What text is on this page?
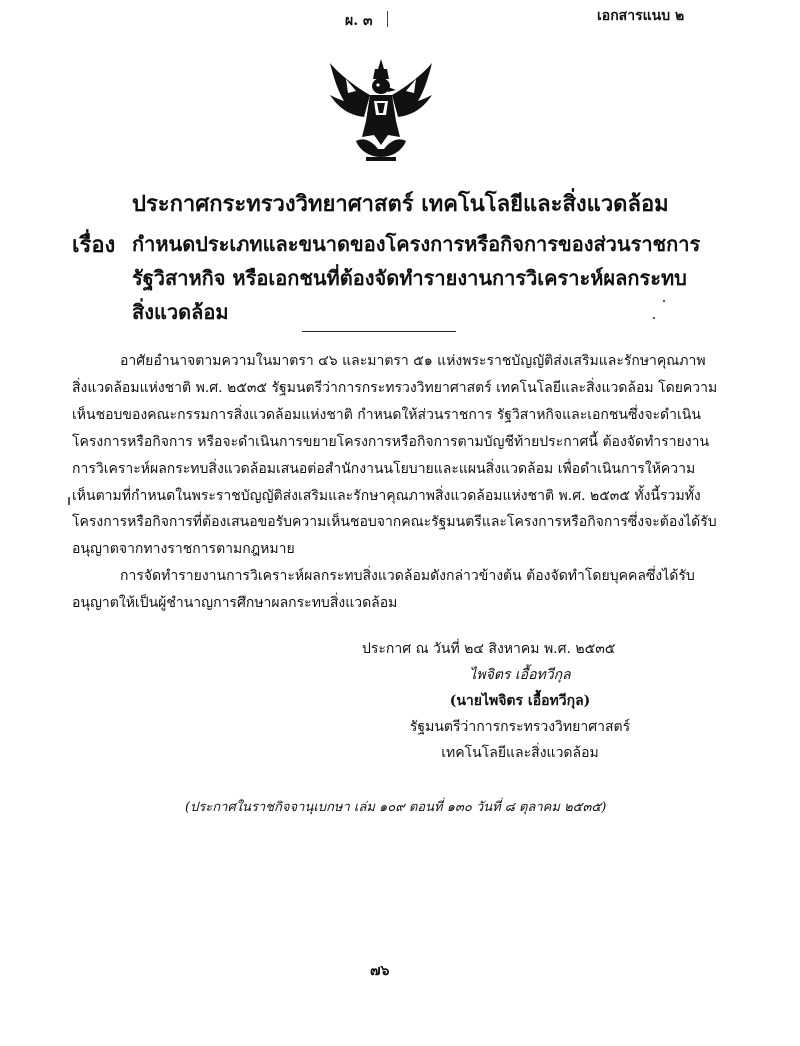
ผ. ๓	เอกสารแนบ ๒
ประกาศกระทรวงวิทยาศาสตร์ เทคโนโลยีและสิ่งแวดล้อม
เรื่อง กำหนดประเภทและขนาดของโครงการหรือกิจการของส่วนราชการ
รัฐวิสาหกิจ หรือเอกชนที่ต้องจัดทำรายงานการวิเคราะห์ผลกระทบ
สิ่งแวดล้อม
อาศัยอำนาจตามความในมาตรา ๔๖ และมาตรา ๕๑ แห่งพระราชบัญญัติส่งเสริมและรักษาคุณภาพ
สิ่งแวดล้อมแห่งชาติ พ.ศ. ๒๕๓๕ รัฐมนตรีว่าการกระทรวงวิทยาศาสตร์ เทคโนโลยีและสิ่งแวดล้อม โดยความ
เห็นชอบของคณะกรรมการสิ่งแวดล้อมแห่งชาติ กำหนดให้ส่วนราชการ รัฐวิสาหกิจและเอกชนซึ่งจะดำเนิน
โครงการหรือกิจการ หรือจะดำเนินการขยายโครงการหรือกิจการตามบัญชีท้ายประกาศนี้ ต้องจัดทำรายงาน
การวิเคราะห์ผลกระทบสิ่งแวดล้อมเสนอต่อสำนักงานนโยบายและแผนสิ่งแวดล้อม เพื่อดำเนินการให้ความ
เห็นตามที่กำหนดในพระราชบัญญัติส่งเสริมและรักษาคุณภาพสิ่งแวดล้อมแห่งชาติ พ.ศ. ๒๕๓๕ ทั้งนี้รวมทั้ง
โครงการหรือกิจการที่ต้องเสนอขอรับความเห็นชอบจากคณะรัฐมนตรีและโครงการหรือกิจการซึ่งจะต้องได้รับ
อนุญาตจากทางราชการตามกฎหมาย
การจัดทำรายงานการวิเคราะห์ผลกระทบสิ่งแวดล้อมดังกล่าวข้างต้น ต้องจัดทำโดยบุคคลซึ่งได้รับ
อนุญาตให้เป็นผู้ชำนาญการศึกษาผลกระทบสิ่งแวดล้อม
ประกาศ ณ วันที่ ๒๔ สิงหาคม พ.ศ. ๒๕๓๕
ไพจิตร เอื้อทวีกุล
(นายไพจิตร เอื้อทวีกุล)
รัฐมนตรีว่าการกระทรวงวิทยาศาสตร์
เทคโนโลยีและสิ่งแวดล้อม
(ประกาศในราชกิจจานุเบกษา เล่ม ๑๐๙ ตอนที่ ๑๓๐ วันที่ ๘ ตุลาคม ๒๕๓๕)
๗๖
